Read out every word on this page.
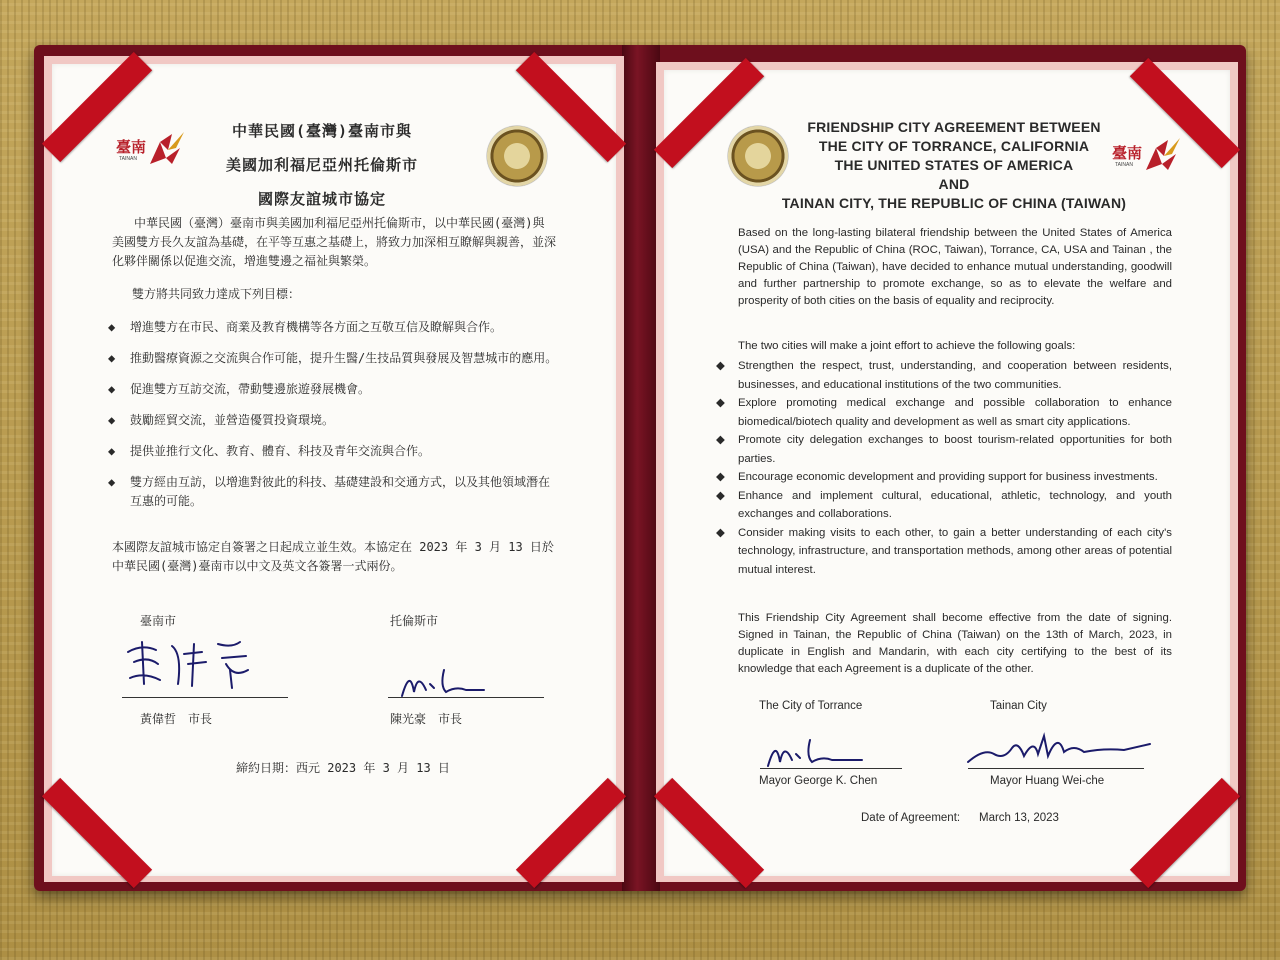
臺南
TAINAN
中華民國(臺灣)臺南市與
美國加利福尼亞州托倫斯市
國際友誼城市協定

中華民國（臺灣）臺南市與美國加利福尼亞州托倫斯市，以中華民國(臺灣)與美國雙方長久友誼為基礎，在平等互惠之基礎上，將致力加深相互瞭解與親善，並深化夥伴關係以促進交流，增進雙邊之福祉與繁榮。

雙方將共同致力達成下列目標：

◆ 增進雙方在市民、商業及教育機構等各方面之互敬互信及瞭解與合作。
◆ 推動醫療資源之交流與合作可能，提升生醫/生技品質與發展及智慧城市的應用。
◆ 促進雙方互訪交流，帶動雙邊旅遊發展機會。
◆ 鼓勵經貿交流，並營造優質投資環境。
◆ 提供並推行文化、教育、體育、科技及青年交流與合作。
◆ 雙方經由互訪，以增進對彼此的科技、基礎建設和交通方式，以及其他領域潛在互惠的可能。

本國際友誼城市協定自簽署之日起成立並生效。本協定在 2023 年 3 月 13 日於中華民國(臺灣)臺南市以中文及英文各簽署一式兩份。

臺南市	托倫斯市
黃偉哲　市長	陳光豪　市長
締約日期：西元 2023 年 3 月 13 日
臺南
TAINAN
FRIENDSHIP CITY AGREEMENT BETWEEN
THE CITY OF TORRANCE, CALIFORNIA
THE UNITED STATES OF AMERICA
AND
TAINAN CITY, THE REPUBLIC OF CHINA (TAIWAN)

Based on the long-lasting bilateral friendship between the United States of America (USA) and the Republic of China (ROC, Taiwan), Torrance, CA, USA and Tainan , the Republic of China (Taiwan), have decided to enhance mutual understanding, goodwill and further partnership to promote exchange, so as to elevate the welfare and prosperity of both cities on the basis of equality and reciprocity.

The two cities will make a joint effort to achieve the following goals:

◆ Strengthen the respect, trust, understanding, and cooperation between residents, businesses, and educational institutions of the two communities.
◆ Explore promoting medical exchange and possible collaboration to enhance biomedical/biotech quality and development as well as smart city applications.
◆ Promote city delegation exchanges to boost tourism-related opportunities for both parties.
◆ Encourage economic development and providing support for business investments.
◆ Enhance and implement cultural, educational, athletic, technology, and youth exchanges and collaborations.
◆ Consider making visits to each other, to gain a better understanding of each city's technology, infrastructure, and transportation methods, among other areas of potential mutual interest.

This Friendship City Agreement shall become effective from the date of signing. Signed in Tainan, the Republic of China (Taiwan) on the 13th of March, 2023, in duplicate in English and Mandarin, with each city certifying to the best of its knowledge that each Agreement is a duplicate of the other.

The City of Torrance	Tainan City
Mayor George K. Chen	Mayor Huang Wei-che
Date of Agreement: March 13, 2023
